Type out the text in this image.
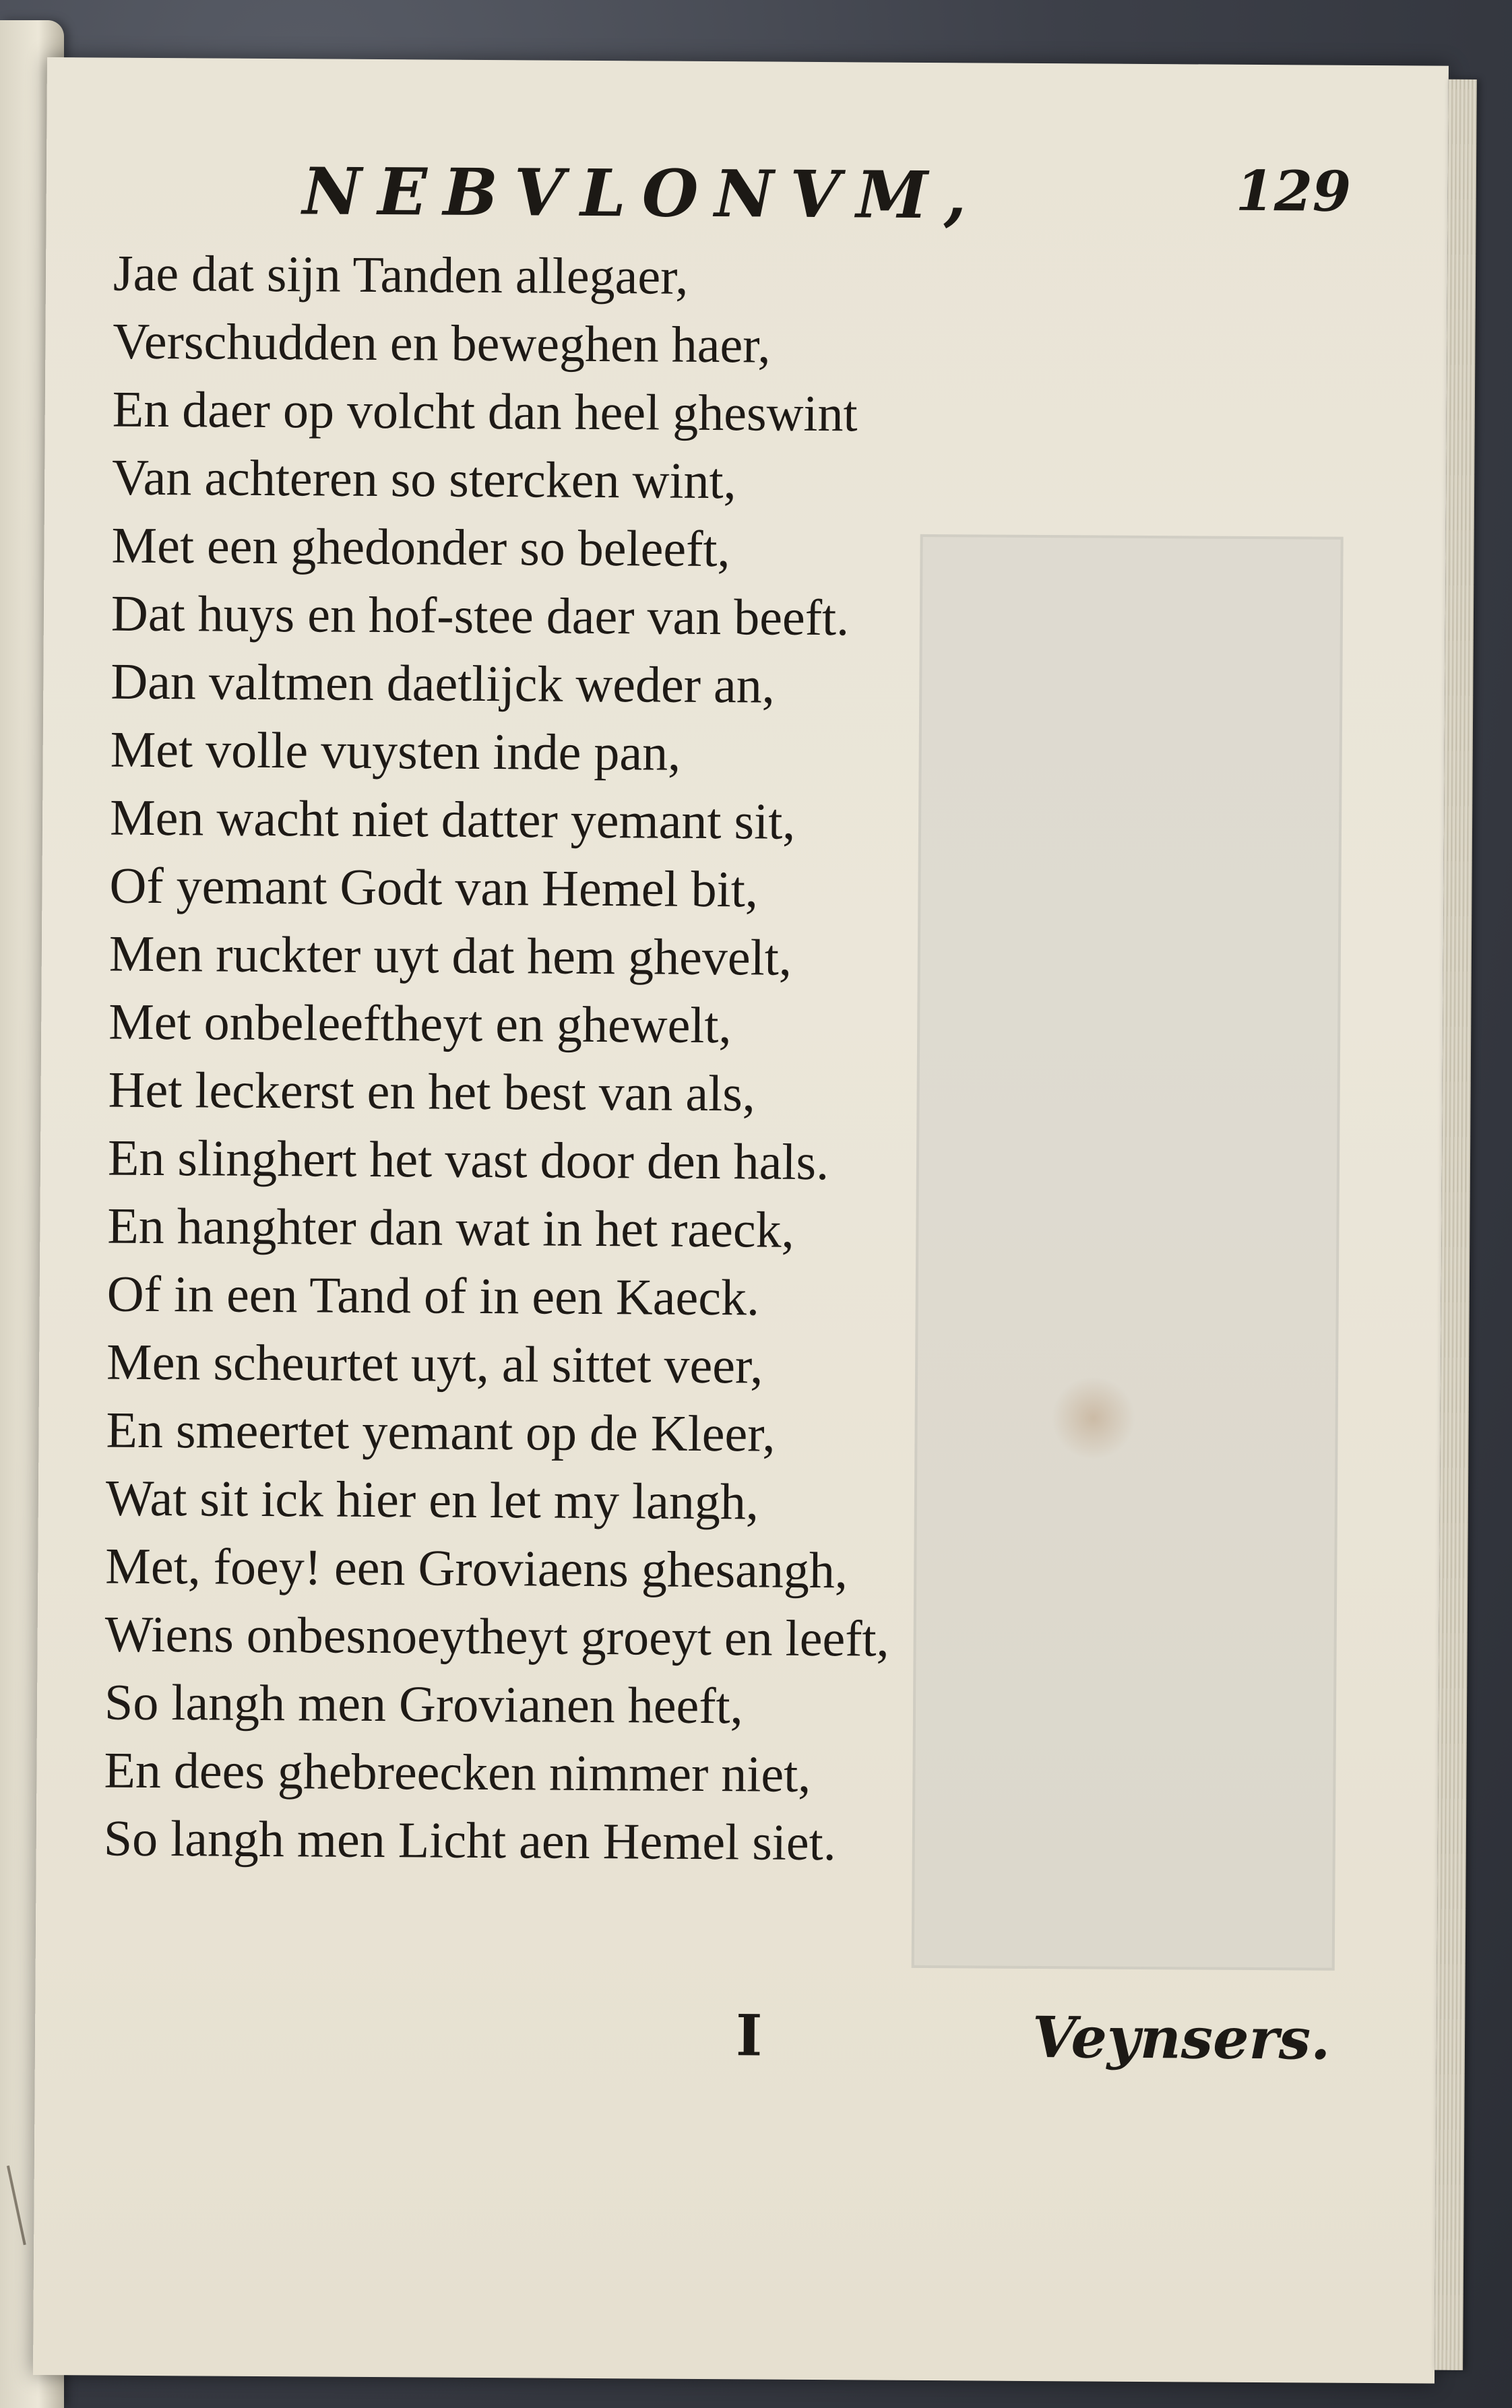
NEBVLONVM,	129
Jae dat sijn Tanden allegaer,
Verschudden en beweghen haer,
En daer op volcht dan heel gheswint
Van achteren so stercken wint,
Met een ghedonder so beleeft,
Dat huys en hof-stee daer van beeft.
Dan valtmen daetlijck weder an,
Met volle vuysten inde pan,
Men wacht niet datter yemant sit,
Of yemant Godt van Hemel bit,
Men ruckter uyt dat hem ghevelt,
Met onbeleeftheyt en ghewelt,
Het leckerst en het best van als,
En slinghert het vast door den hals.
En hanghter dan wat in het raeck,
Of in een Tand of in een Kaeck.
Men scheurtet uyt, al sittet veer,
En smeertet yemant op de Kleer,
Wat sit ick hier en let my langh,
Met, foey! een Groviaens ghesangh,
Wiens onbesnoeytheyt groeyt en leeft,
So langh men Grovianen heeft,
En dees ghebreecken nimmer niet,
So langh men Licht aen Hemel siet.
I	Veynsers.
